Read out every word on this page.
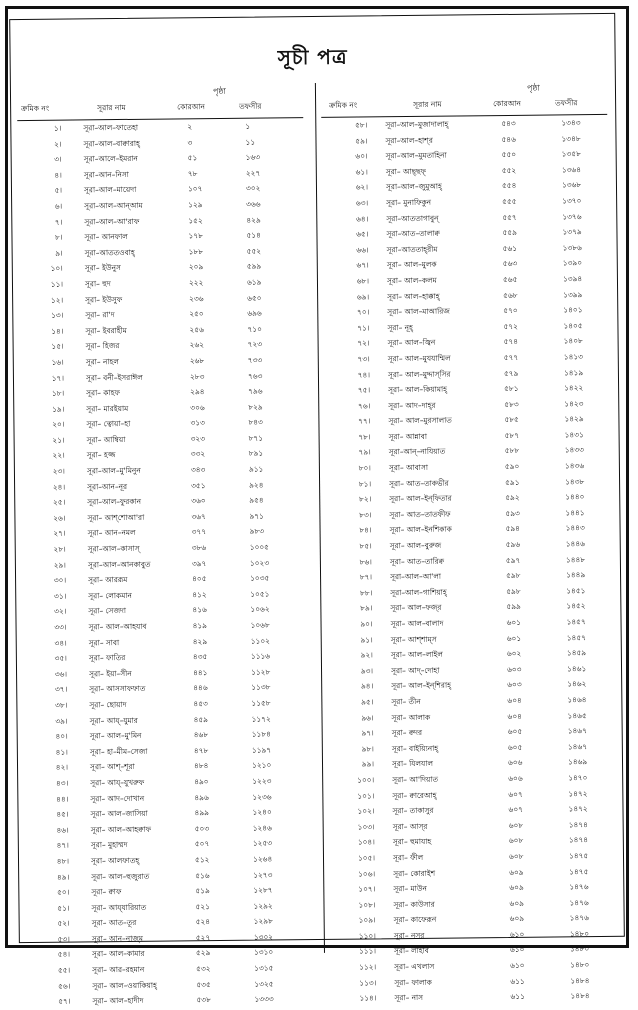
সূচী পত্র
পৃষ্ঠা
ক্রমিক নং	সূরার নাম	কোরআন	তফসীর
১।	সূরা–আল–ফাতেহা	২	১
২।	সূরা–আল–বাক্বারাহ্	৩	১১
৩।	সূরা–আলে–ইমরান	৫১	১৬৩
৪।	সূরা–আন–নিসা	৭৮	২২৭
৫।	সূরা–আল–মায়েদা	১০৭	৩০২
৬।	সূরা–আল–আন্‌আম	১২৯	৩৬৬
৭।	সূরা–আল–আ'রাফ	১৫২	৪২৯
৮।	সূরা– আনফাল	১৭৮	৫১৪
৯।	সূরা–আততওবাহ্	১৮৮	৫৫২
১০।	সূরা– ইউনুস	২০৯	৫৯৯
১১।	সূরা– হুদ	২২২	৬১৯
১২।	সূরা– ইউসুফ	২৩৬	৬৫০
১৩।	সূরা– রা'দ	২৫০	৬৯৬
১৪।	সূরা– ইবরাহীম	২৫৬	৭১০
১৫।	সূরা– হিজর	২৬২	৭২৩
১৬।	সূরা– নাহল	২৬৮	৭৩৩
১৭।	সূরা– বনী–ইসরাঈল	২৮৩	৭৬৩
১৮।	সূরা– কাহফ	২৯৪	৭৯৬
১৯।	সূরা– মারইয়াম	৩০৬	৮২৯
২০।	সূরা– ত্বোয়া–হা	৩১৩	৮৪৩
২১।	সূরা– আম্বিয়া	৩২৩	৮৭১
২২।	সূরা– হজ্জ	৩৩২	৮৯১
২৩।	সূরা–আল–মু'মিনুন	৩৪৩	৯১১
২৪।	সূরা–আন–নূর	৩৫১	৯২৪
২৫।	সূরা–আল–ফুরকান	৩৬০	৯৫৪
২৬।	সূরা– আশ্‌শোআ'রা	৩৬৭	৯৭১
২৭।	সূরা– আন–নমল	৩৭৭	৯৮৩
২৮।	সূরা–আল–কাসাস্‌	৩৮৬	১০০৫
২৯।	সূরা–আল–আনকাবুত	৩৯৭	১০২৩
৩০।	সূরা– আররূম	৪০৫	১০৩৫
৩১।	সূরা– লোকমান	৪১২	১০৫১
৩২।	সূরা– সেজদা	৪১৬	১০৬২
৩৩।	সূরা– আল–আহযাব	৪১৯	১০৬৮
৩৪।	সূরা– সাবা	৪২৯	১১০২
৩৫।	সূরা– ফাতির	৪৩৫	১১১৬
৩৬।	সূরা– ইয়া–সীন	৪৪১	১১২৮
৩৭।	সূরা– আসসাফফাত	৪৪৬	১১৩৮
৩৮।	সূরা– ছোয়াদ	৪৫৩	১১৫৮
৩৯।	সূরা– আয্‌–যুমার	৪৫৯	১১৭২
৪০।	সূরা– আল–মু'মিন	৪৬৮	১১৮৪
৪১।	সূরা– হা–মীম–সেজা	৪৭৮	১১৯৭
৪২।	সূরা– আশ্‌–শূরা	৪৮৪	১২১০
৪৩।	সূরা– আয্‌–যুখরুফ	৪৯০	১২২৩
৪৪।	সূরা– আদ–দোখান	৪৯৬	১২৩৬
৪৫।	সূরা– আল–জাসিয়া	৪৯৯	১২৪০
৪৬।	সূরা– আল–আহক্বাফ	৫০৩	১২৪৬
৪৭।	সূরা– মুহাম্মদ	৫০৭	১২৫৩
৪৮।	সূরা– আলফাতহ্	৫১২	১২৬৪
৪৯।	সূরা– আল–হুজুরাত	৫১৬	১২৭৩
৫০।	সূরা– ক্বাফ	৫১৯	১২৮৭
৫১।	সূরা– আয্‌যারিয়াত	৫২১	১২৯২
৫২।	সূরা– আত–তূর	৫২৪	১২৯৮
৫৩।	সূরা– আন–নাজ্‌ম	৫২৭	১৩০২
৫৪।	সূরা– আল–কামার	৫২৯	১৩১০
৫৫।	সূরা– আর–রহমান	৫৩২	১৩১৫
৫৬।	সূরা– আল–ওয়াকিয়াহ্	৫৩৫	১৩২৫
৫৭।	সূরা– আল–হাদীদ	৫৩৮	১৩৩৩
পৃষ্ঠা
ক্রমিক নং	সূরার নাম	কোরআন	তফসীর
৫৮। সূরা–আল–মুজাদালাহ্	৫৪৩	১৩৪৩
৫৯। সূরা–আল–হাশ্‌র	৫৪৬	১৩৪৮
৬০। সূরা–আল–মুমতাহিনা	৫৫০	১৩৫৮
৬১। সূরা– আছ্‌ছফ্‌	৫৫২	১৩৬৪
৬২। সূরা–আল–জুমুআহ্	৫৫৪	১৩৬৮
৬৩। সূরা– মুনাফিকুন	৫৫৫	১৩৭০
৬৪। সূরা–আততাগাবুন্‌	৫৫৭	১৩৭৬
৬৫। সূরা–আত–তালাক্ব	৫৫৯	১৩৭৯
৬৬। সূরা–আততাহ্‌রীম	৫৬১	১৩৮৬
৬৭। সূরা– আল–মুলক	৫৬৩	১৩৯০
৬৮। সূরা– আল–কলম	৫৬৫	১৩৯৪
৬৯। সূরা– আল–হাক্কাহ্	৫৬৮	১৩৯৯
৭০। সূরা– আল–মাআরিজ	৫৭০	১৪০১
৭১। সূরা– নূহ্	৫৭২	১৪০৫
৭২। সূরা– আল–জ্বিন	৫৭৪	১৪০৮
৭৩। সূরা– আল–মুযযাম্মিল	৫৭৭	১৪১৩
৭৪। সূরা– আল–মুদ্দাস্‌সির	৫৭৯	১৪১৯
৭৫। সূরা– আল–কিয়ামাহ্	৫৮১	১৪২২
৭৬। সূরা– আদ–দাহ্‌র	৫৮৩	১৪২৩
৭৭। সূরা– আল–মুরসালাত	৫৮৫	১৪২৯
৭৮। সূরা– আন্নাবা	৫৮৭	১৪৩১
৭৯। সূরা–আন্‌–নাযিয়াত	৫৮৮	১৪৩৩
৮০। সূরা– আবাসা	৫৯০	১৪৩৬
৮১। সূরা– আত–তাকভীর	৫৯১	১৪৩৮
৮২। সূরা– আল–ইন্‌ফিতার	৫৯২	১৪৪০
৮৩। সূরা– আত–তাতফীফ	৫৯৩	১৪৪১
৮৪। সূরা– আল–ইনশিকাক	৫৯৪	১৪৪৩
৮৫। সূরা– আল–বুরুজ	৫৯৬	১৪৪৬
৮৬। সূরা– আত–তারিক্ব	৫৯৭	১৪৪৮
৮৭। সূরা–আল–আ'লা	৫৯৮	১৪৪৯
৮৮। সূরা–আল–গাশিয়াহ্	৫৯৮	১৪৫১
৮৯। সূরা– আল–ফজ্‌র	৫৯৯	১৪৫২
৯০। সূরা– আল–বালাদ	৬০১	১৪৫৭
৯১। সূরা– আশ্‌শাম্‌স	৬০১	১৪৫৭
৯২। সূরা– আল–লাইল	৬০২	১৪৫৯
৯৩। সূরা– আদ্‌–দোহা	৬০৩	১৪৬১
৯৪। সূরা– আল–ইন্‌শিরাহ্	৬০৩	১৪৬২
৯৫। সূরা– তীন	৬০৪	১৪৬৪
৯৬। সূরা– আলাক	৬০৪	১৪৬৫
৯৭। সূরা– ক্বদর	৬০৫	১৪৬৭
৯৮। সূরা– বাইয়্যিনাহ্	৬০৫	১৪৬৭
৯৯। সূরা– যিলযাল	৬০৬	১৪৬৯
১০০। সূরা– আ'দিয়াত	৬০৬	১৪৭০
১০১। সূরা– ক্বারেআহ্	৬০৭	১৪৭২
১০২। সূরা– তাকাসুর	৬০৭	১৪৭২
১০৩। সূরা– আস্‌র	৬০৮	১৪৭৪
১০৪। সূরা– হুমাযাহ	৬০৮	১৪৭৪
১০৫। সূরা– ফীল	৬০৮	১৪৭৫
১০৬। সূরা– কোরাইশ	৬০৯	১৪৭৫
১০৭। সূরা– মাউন	৬০৯	১৪৭৬
১০৮। সূরা– কাউসার	৬০৯	১৪৭৬
১০৯। সূরা– কাফেরূন	৬০৯	১৪৭৬
১১০। সূরা– নসর	৬১০	১৪৮০
১১১। সূরা– লাহাব	৬১০	১৪৮০
১১২। সূরা– এখলাস	৬১০	১৪৮০
১১৩। সূরা– ফালাক	৬১১	১৪৮৪
১১৪। সূরা– নাস	৬১১	১৪৮৪
